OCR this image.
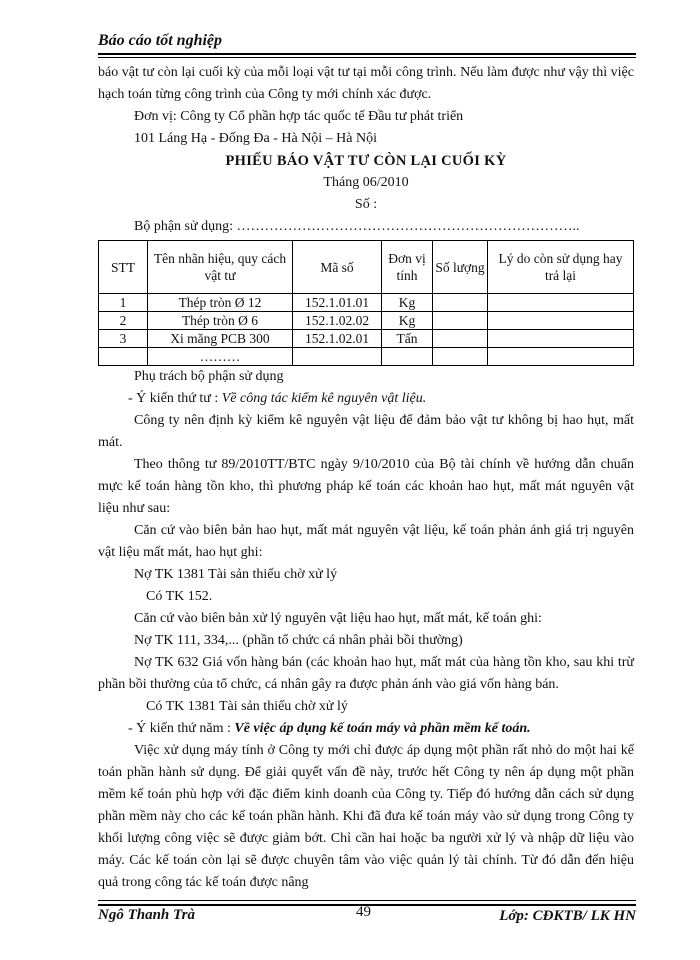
Báo cáo tốt nghiệp

báo vật tư còn lại cuối kỳ của mỗi loại vật tư tại mỗi công trình. Nếu làm được như vậy thì việc hạch toán từng công trình của Công ty mới chính xác được.

Đơn vị: Công ty Cổ phần hợp tác quốc tế Đầu tư phát triển

101 Láng Hạ - Đống Đa - Hà Nội – Hà Nội

PHIẾU BÁO VẬT TƯ CÒN LẠI CUỐI KỲ

Tháng 06/2010

Số :

Bộ phận sử dụng: ………………………………………………………………..

STT	Tên nhãn hiệu, quy cách vật tư	Mã số	Đơn vị tính	Số lượng	Lý do còn sử dụng hay trả lại
1	Thép tròn Ø 12	152.1.01.01	Kg		
2	Thép tròn Ø 6	152.1.02.02	Kg		
3	Xi măng PCB 300	152.1.02.01	Tấn		
	………				

Phụ trách bộ phận sử dụng

- Ý kiến thứ tư : Về công tác kiểm kê nguyên vật liệu.

Công ty nên định kỳ kiểm kê nguyên vật liệu để đảm bảo vật tư không bị hao hụt, mất mát.

Theo thông tư 89/2010TT/BTC ngày 9/10/2010 của Bộ tài chính về hướng dẫn chuẩn mực kế toán hàng tồn kho, thì phương pháp kế toán các khoản hao hụt, mất mát nguyên vật liệu như sau:

Căn cứ vào biên bản hao hụt, mất mát nguyên vật liệu, kế toán phản ánh giá trị nguyên vật liệu mất mát, hao hụt ghi:

Nợ TK 1381 Tài sản thiếu chờ xử lý

Có TK 152.

Căn cứ vào biên bản xử lý nguyên vật liệu hao hụt, mất mát, kế toán ghi:

Nợ TK 111, 334,... (phần tổ chức cá nhân phải bồi thường)

Nợ TK 632 Giá vốn hàng bán (các khoản hao hụt, mất mát của hàng tồn kho, sau khi trừ phần bồi thường của tổ chức, cá nhân gây ra được phản ánh vào giá vốn hàng bán.

Có TK 1381 Tài sản thiếu chờ xử lý

- Ý kiến thứ năm : Về việc áp dụng kế toán máy và phần mềm kế toán.

Việc xử dụng máy tính ở Công ty mới chỉ được áp dụng một phần rất nhỏ do một hai kế toán phần hành sử dụng. Để giải quyết vấn đề này, trước hết Công ty nên áp dụng một phần mềm kế toán phù hợp với đặc điểm kinh doanh của Công ty. Tiếp đó hướng dẫn cách sử dụng phần mềm này cho các kế toán phần hành. Khi đã đưa kế toán máy vào sử dụng trong Công ty khối lượng công việc sẽ được giảm bớt. Chỉ cần hai hoặc ba người xử lý và nhập dữ liệu vào máy. Các kế toán còn lại sẽ được chuyên tâm vào việc quản lý tài chính. Từ đó dẫn đến hiệu quả trong công tác kế toán được nâng

Ngô Thanh Trà	49	Lớp: CĐKTB/ LK HN
